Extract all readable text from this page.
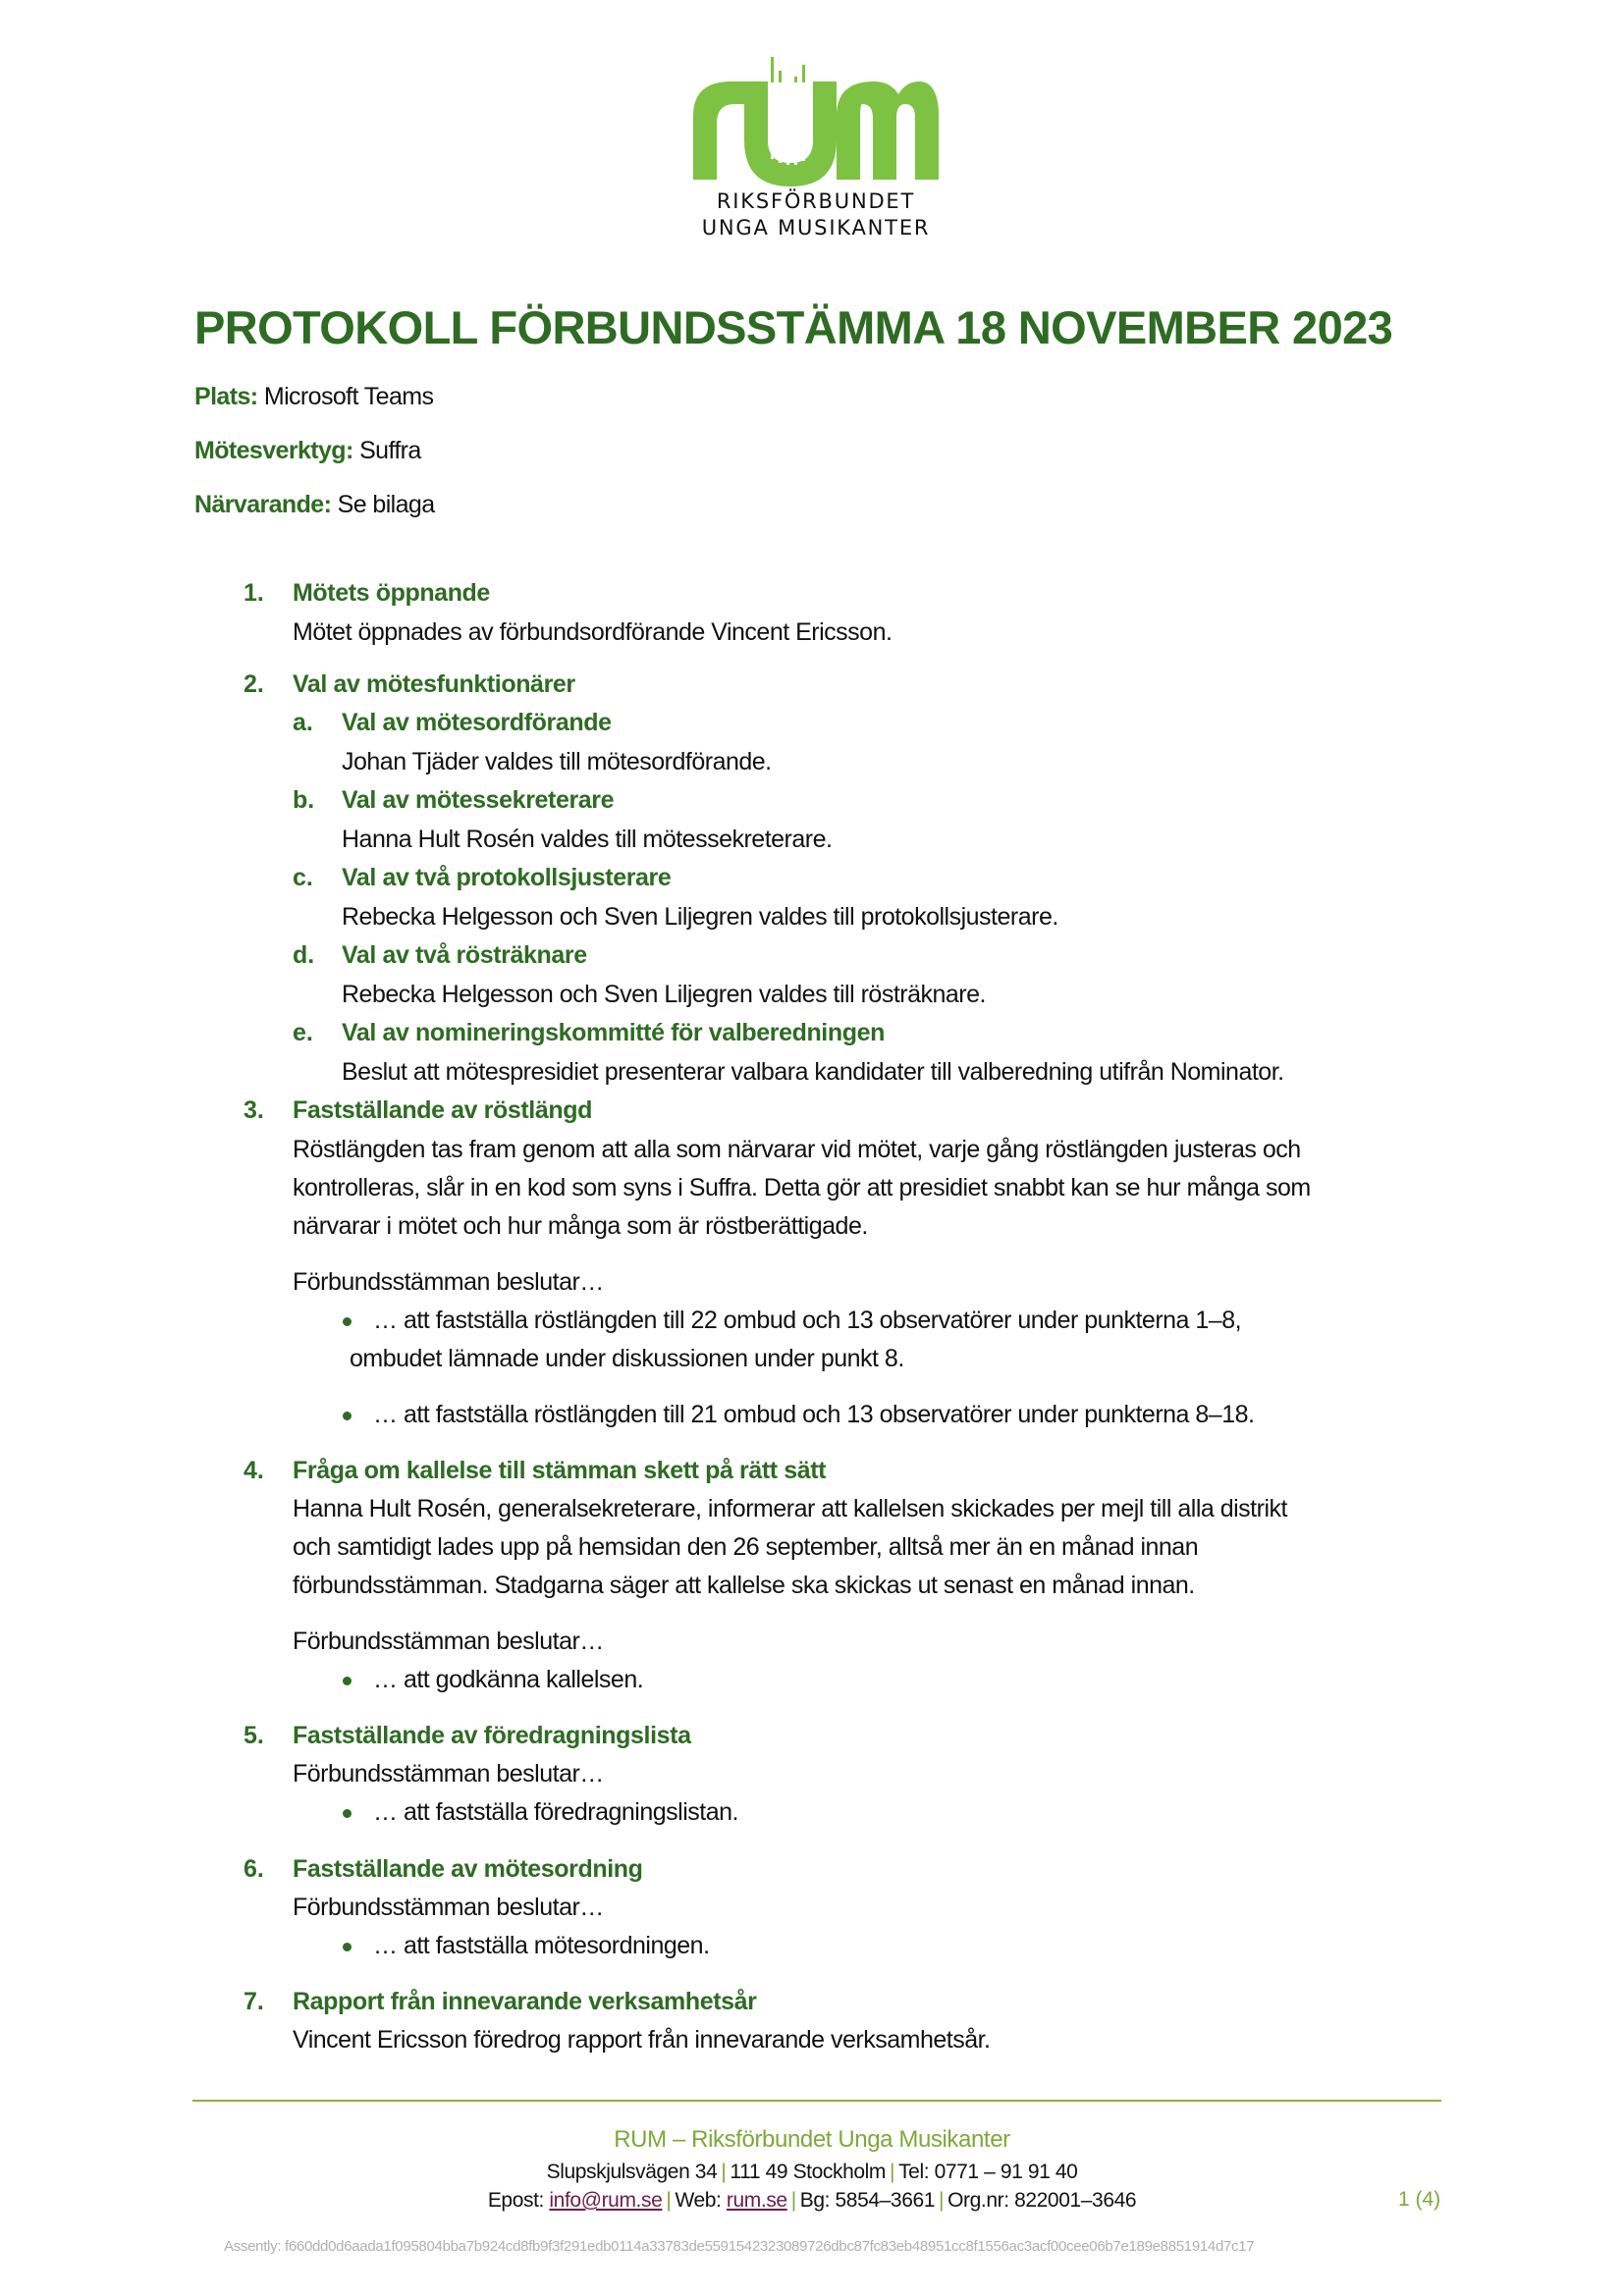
RIKSFÖRBUNDET
UNGA MUSIKANTER
PROTOKOLL FÖRBUNDSSTÄMMA 18 NOVEMBER 2023
Plats: Microsoft Teams
Mötesverktyg: Suffra
Närvarande: Se bilaga
1. Mötets öppnande
Mötet öppnades av förbundsordförande Vincent Ericsson.
2. Val av mötesfunktionärer
a. Val av mötesordförande
Johan Tjäder valdes till mötesordförande.
b. Val av mötessekreterare
Hanna Hult Rosén valdes till mötessekreterare.
c. Val av två protokollsjusterare
Rebecka Helgesson och Sven Liljegren valdes till protokollsjusterare.
d. Val av två rösträknare
Rebecka Helgesson och Sven Liljegren valdes till rösträknare.
e. Val av nomineringskommitté för valberedningen
Beslut att mötespresidiet presenterar valbara kandidater till valberedning utifrån Nominator.
3. Fastställande av röstlängd
Röstlängden tas fram genom att alla som närvarar vid mötet, varje gång röstlängden justeras och
kontrolleras, slår in en kod som syns i Suffra. Detta gör att presidiet snabbt kan se hur många som
närvarar i mötet och hur många som är röstberättigade.
Förbundsstämman beslutar…
… att fastställa röstlängden till 22 ombud och 13 observatörer under punkterna 1–8,
ombudet lämnade under diskussionen under punkt 8.
… att fastställa röstlängden till 21 ombud och 13 observatörer under punkterna 8–18.
4. Fråga om kallelse till stämman skett på rätt sätt
Hanna Hult Rosén, generalsekreterare, informerar att kallelsen skickades per mejl till alla distrikt
och samtidigt lades upp på hemsidan den 26 september, alltså mer än en månad innan
förbundsstämman. Stadgarna säger att kallelse ska skickas ut senast en månad innan.
Förbundsstämman beslutar…
… att godkänna kallelsen.
5. Fastställande av föredragningslista
Förbundsstämman beslutar…
… att fastställa föredragningslistan.
6. Fastställande av mötesordning
Förbundsstämman beslutar…
… att fastställa mötesordningen.
7. Rapport från innevarande verksamhetsår
Vincent Ericsson föredrog rapport från innevarande verksamhetsår.
RUM – Riksförbundet Unga Musikanter
Slupskjulsvägen 34 | 111 49 Stockholm | Tel: 0771 – 91 91 40
Epost: info@rum.se | Web: rum.se | Bg: 5854–3661 | Org.nr: 822001–3646	1 (4)
Assently: f660dd0d6aada1f095804bba7b924cd8fb9f3f291edb0114a33783de5591542323089726dbc87fc83eb48951cc8f1556ac3acf00cee06b7e189e8851914d7c17
